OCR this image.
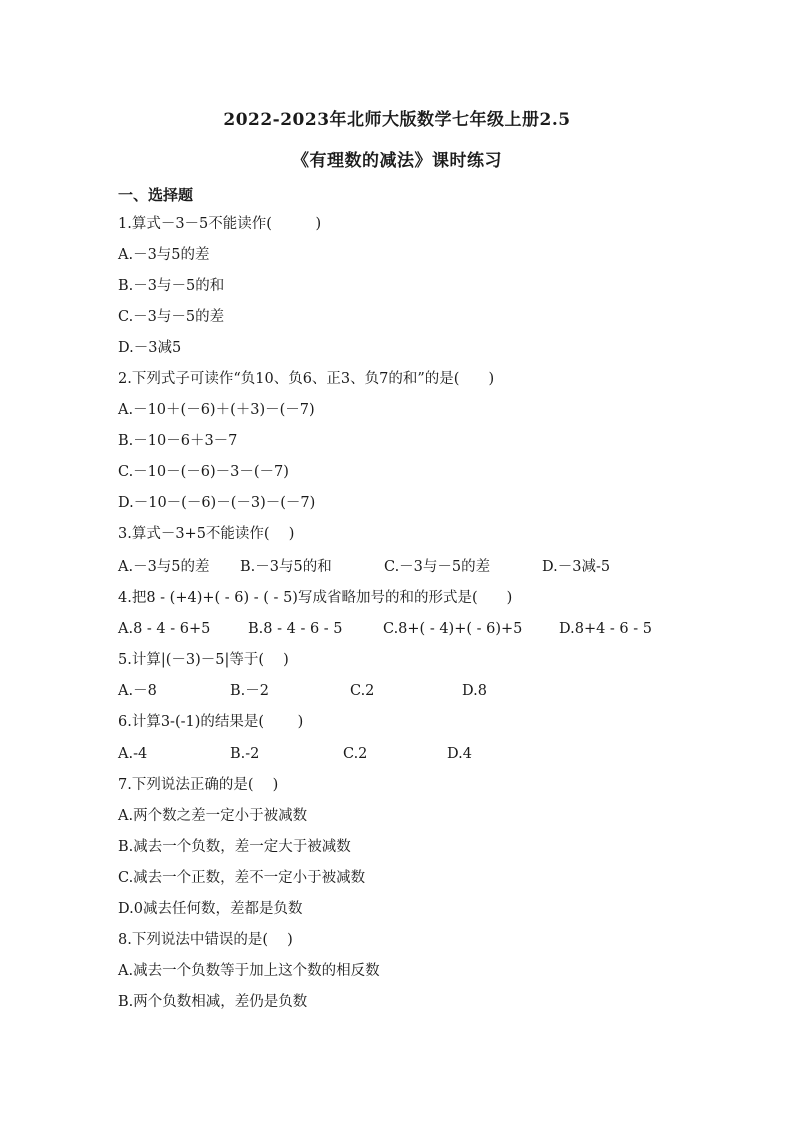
2022-2023年北师大版数学七年级上册2.5
《有理数的减法》课时练习
一、选择题
1.算式－3－5不能读作(　　　)
A.－3与5的差
B.－3与－5的和
C.－3与－5的差
D.－3减5
2.下列式子可读作“负10、负6、正3、负7的和”的是(　　)
A.－10＋(－6)＋(＋3)－(－7)
B.－10－6＋3－7
C.－10－(－6)－3－(－7)
D.－10－(－6)－(－3)－(－7)
3.算式－3+5不能读作(　 )
A.－3与5的差 B.－3与5的和	C.－3与－5的差	D.－3减-5
4.把8 - (+4)+( - 6) - ( - 5)写成省略加号的和的形式是(　　)
A.8 - 4 - 6+5	B.8 - 4 - 6 - 5	C.8+( - 4)+( - 6)+5	D.8+4 - 6 - 5
5.计算|(－3)－5|等于(　 )
A.－8	B.－2	C.2	D.8
6.计算3-(-1)的结果是(　　 )
A.-4	B.-2	C.2	D.4
7.下列说法正确的是(　 )
A.两个数之差一定小于被减数
B.减去一个负数，差一定大于被减数
C.减去一个正数，差不一定小于被减数
D.0减去任何数，差都是负数
8.下列说法中错误的是(　 )
A.减去一个负数等于加上这个数的相反数
B.两个负数相减，差仍是负数
